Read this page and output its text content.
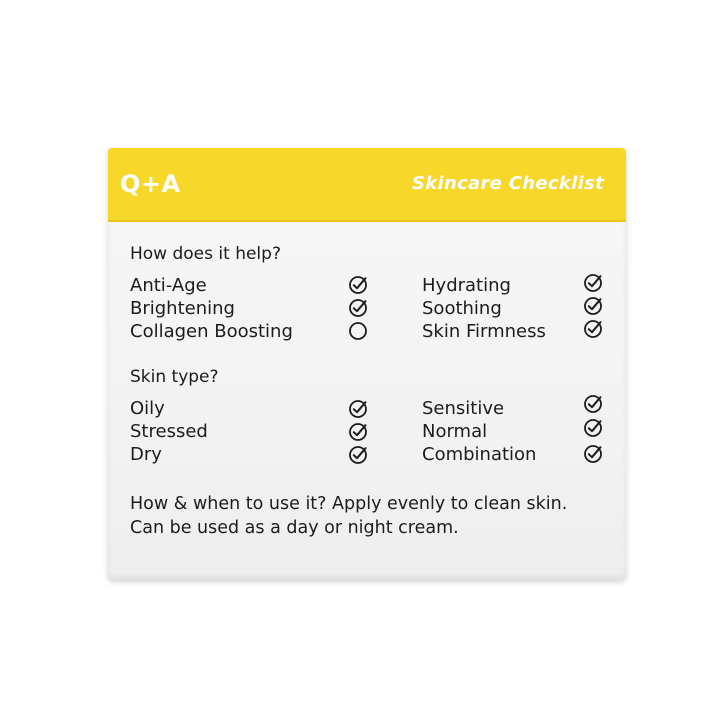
Q+A	Skincare Checklist
How does it help?
Anti-Age
Brightening
Collagen Boosting
Hydrating
Soothing
Skin Firmness
Skin type?
Oily
Stressed
Dry
Sensitive
Normal
Combination
How & when to use it? Apply evenly to clean skin.
Can be used as a day or night cream.
